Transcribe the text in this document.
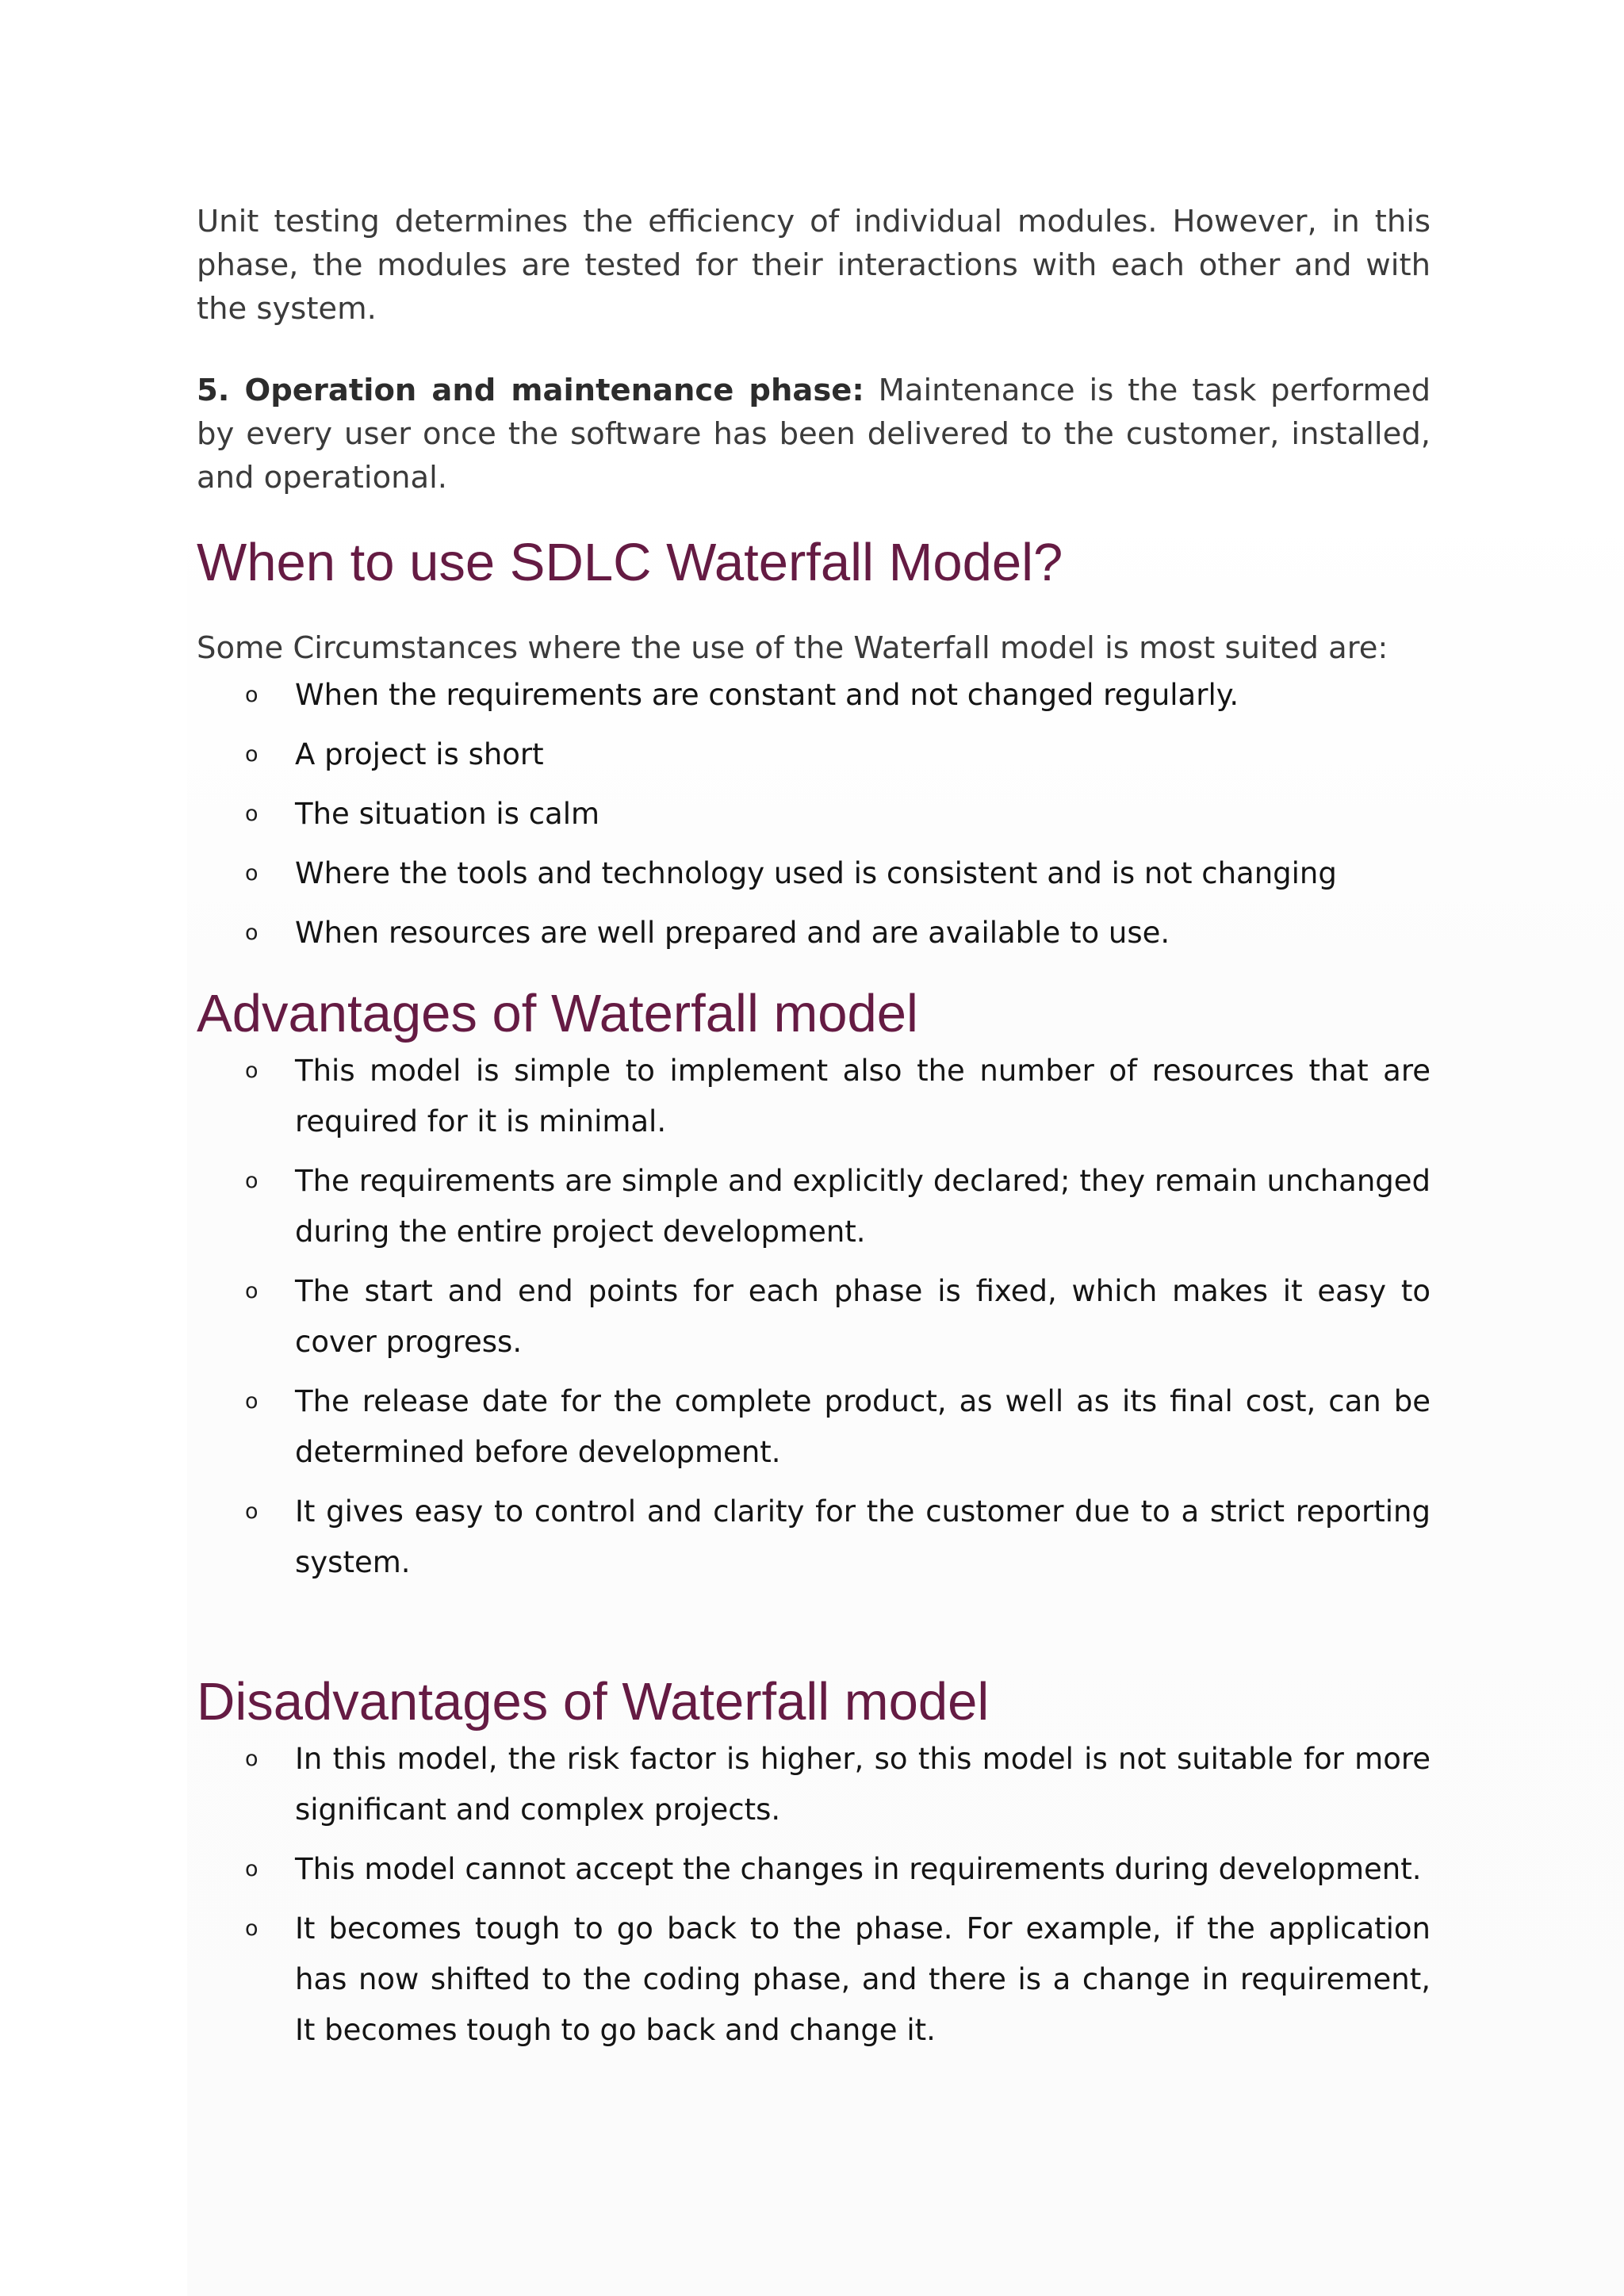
Unit testing determines the efficiency of individual modules. However, in this phase, the modules are tested for their interactions with each other and with the system.

5. Operation and maintenance phase: Maintenance is the task performed by every user once the software has been delivered to the customer, installed, and operational.

When to use SDLC Waterfall Model?

Some Circumstances where the use of the Waterfall model is most suited are:

o When the requirements are constant and not changed regularly.
o A project is short
o The situation is calm
o Where the tools and technology used is consistent and is not changing
o When resources are well prepared and are available to use.
Advantages of Waterfall model
o This model is simple to implement also the number of resources that are required for it is minimal.
o The requirements are simple and explicitly declared; they remain unchanged during the entire project development.
o The start and end points for each phase is fixed, which makes it easy to cover progress.
o The release date for the complete product, as well as its final cost, can be determined before development.
o It gives easy to control and clarity for the customer due to a strict reporting system.
Disadvantages of Waterfall model
o In this model, the risk factor is higher, so this model is not suitable for more significant and complex projects.
o This model cannot accept the changes in requirements during development.
o It becomes tough to go back to the phase. For example, if the application has now shifted to the coding phase, and there is a change in requirement, It becomes tough to go back and change it.
